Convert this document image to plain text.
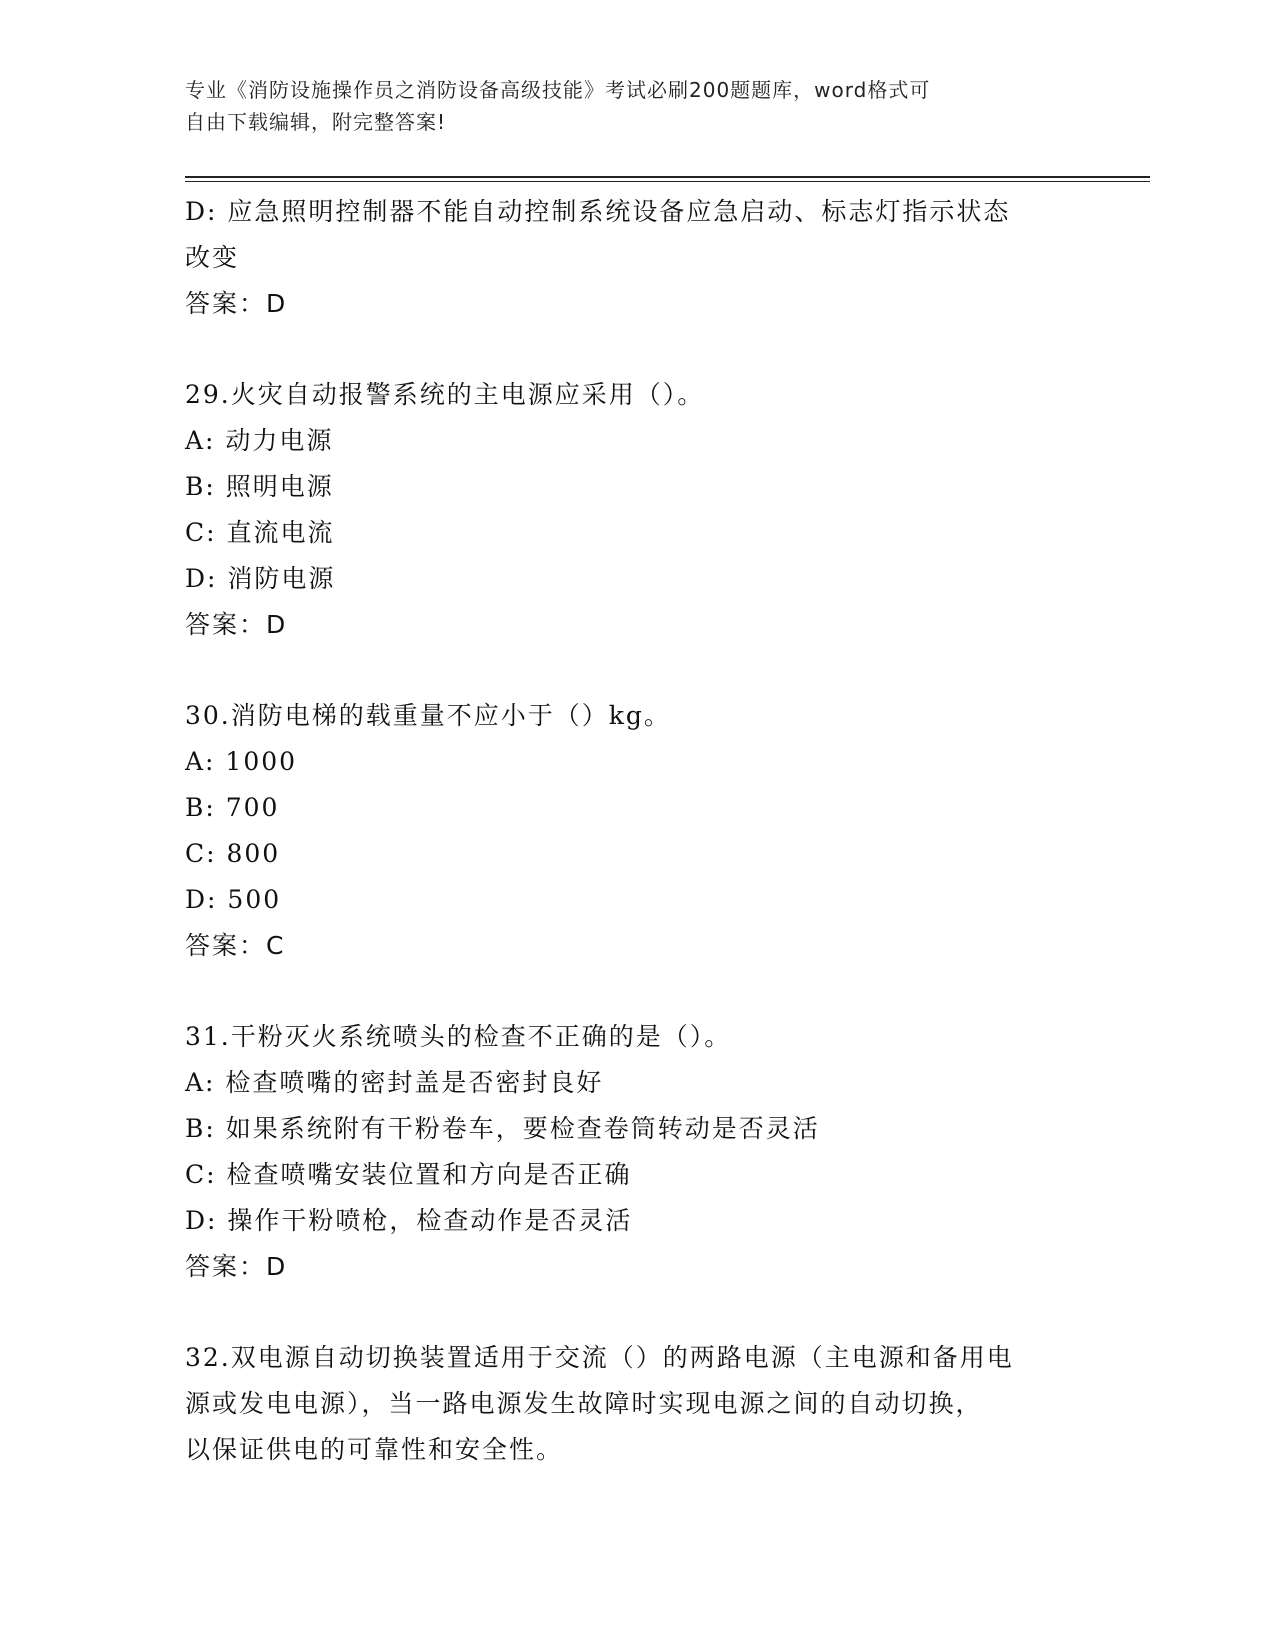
专业《消防设施操作员之消防设备高级技能》考试必刷200题题库，word格式可
自由下载编辑，附完整答案!
D: 应急照明控制器不能自动控制系统设备应急启动、标志灯指示状态
改变
答案：D
29.火灾自动报警系统的主电源应采用（）。
A: 动力电源
B: 照明电源
C: 直流电流
D: 消防电源
答案：D
30.消防电梯的载重量不应小于（）kg。
A: 1000
B: 700
C: 800
D: 500
答案：C
31.干粉灭火系统喷头的检查不正确的是（）。
A: 检查喷嘴的密封盖是否密封良好
B: 如果系统附有干粉卷车，要检查卷筒转动是否灵活
C: 检查喷嘴安装位置和方向是否正确
D: 操作干粉喷枪，检查动作是否灵活
答案：D
32.双电源自动切换装置适用于交流（）的两路电源（主电源和备用电
源或发电电源），当一路电源发生故障时实现电源之间的自动切换，
以保证供电的可靠性和安全性。
